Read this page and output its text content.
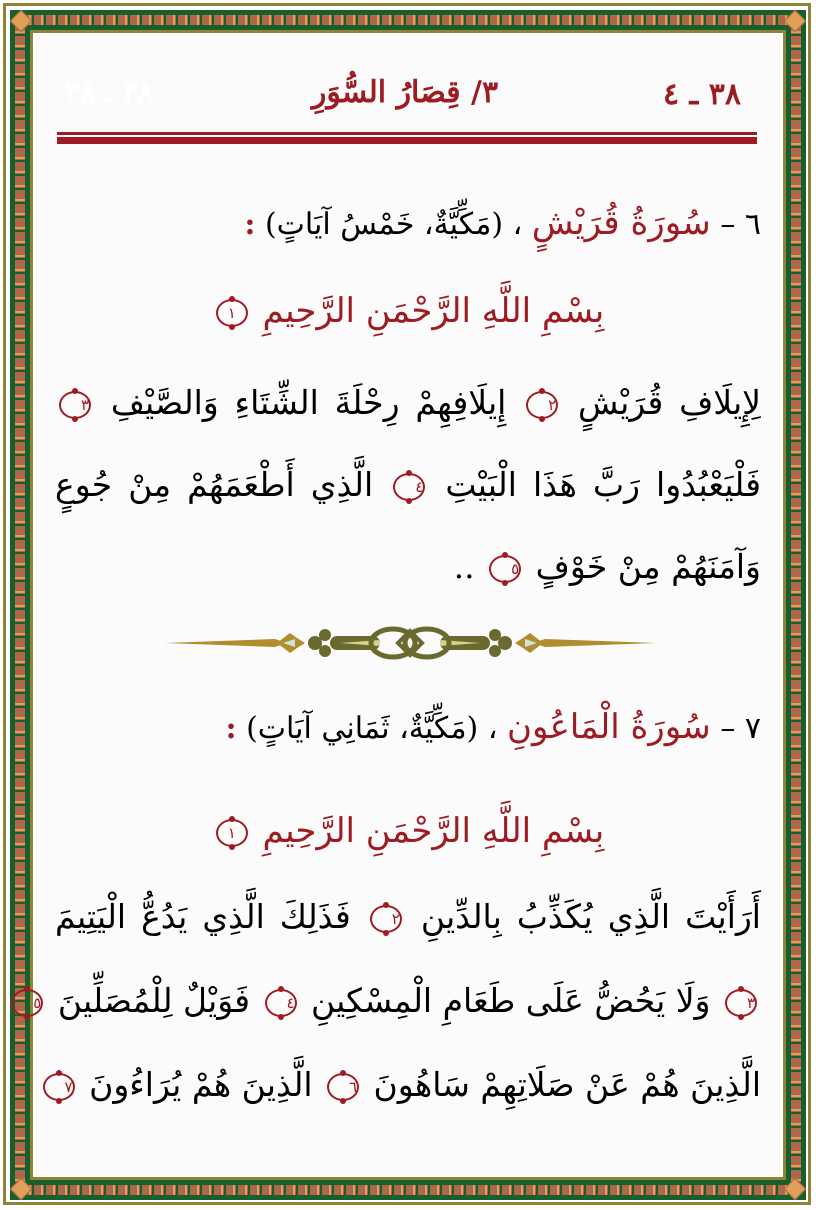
٣٨ ـ ٤
٣/ قِصَارُ السُّوَرِ
٣٨ ـ ٣٨
٦ – سُورَةُ قُرَيْشٍ ، (مَكِّيَّةٌ، خَمْسُ آيَاتٍ) :
بِسْمِ اللَّهِ الرَّحْمَنِ الرَّحِيمِ ١
لِإِيلَافِ قُرَيْشٍ ٢ إِيلَافِهِمْ رِحْلَةَ الشِّتَاءِ وَالصَّيْفِ ٣
فَلْيَعْبُدُوا رَبَّ هَذَا الْبَيْتِ ٤ الَّذِي أَطْعَمَهُمْ مِنْ جُوعٍ
وَآمَنَهُمْ مِنْ خَوْفٍ ٥ ..
٧ – سُورَةُ الْمَاعُونِ ، (مَكِّيَّةٌ، ثَمَانِي آيَاتٍ) :
بِسْمِ اللَّهِ الرَّحْمَنِ الرَّحِيمِ ١
أَرَأَيْتَ الَّذِي يُكَذِّبُ بِالدِّينِ ٢ فَذَلِكَ الَّذِي يَدُعُّ الْيَتِيمَ
٣ وَلَا يَحُضُّ عَلَى طَعَامِ الْمِسْكِينِ ٤ فَوَيْلٌ لِلْمُصَلِّينَ ٥
الَّذِينَ هُمْ عَنْ صَلَاتِهِمْ سَاهُونَ ٦ الَّذِينَ هُمْ يُرَاءُونَ ٧
